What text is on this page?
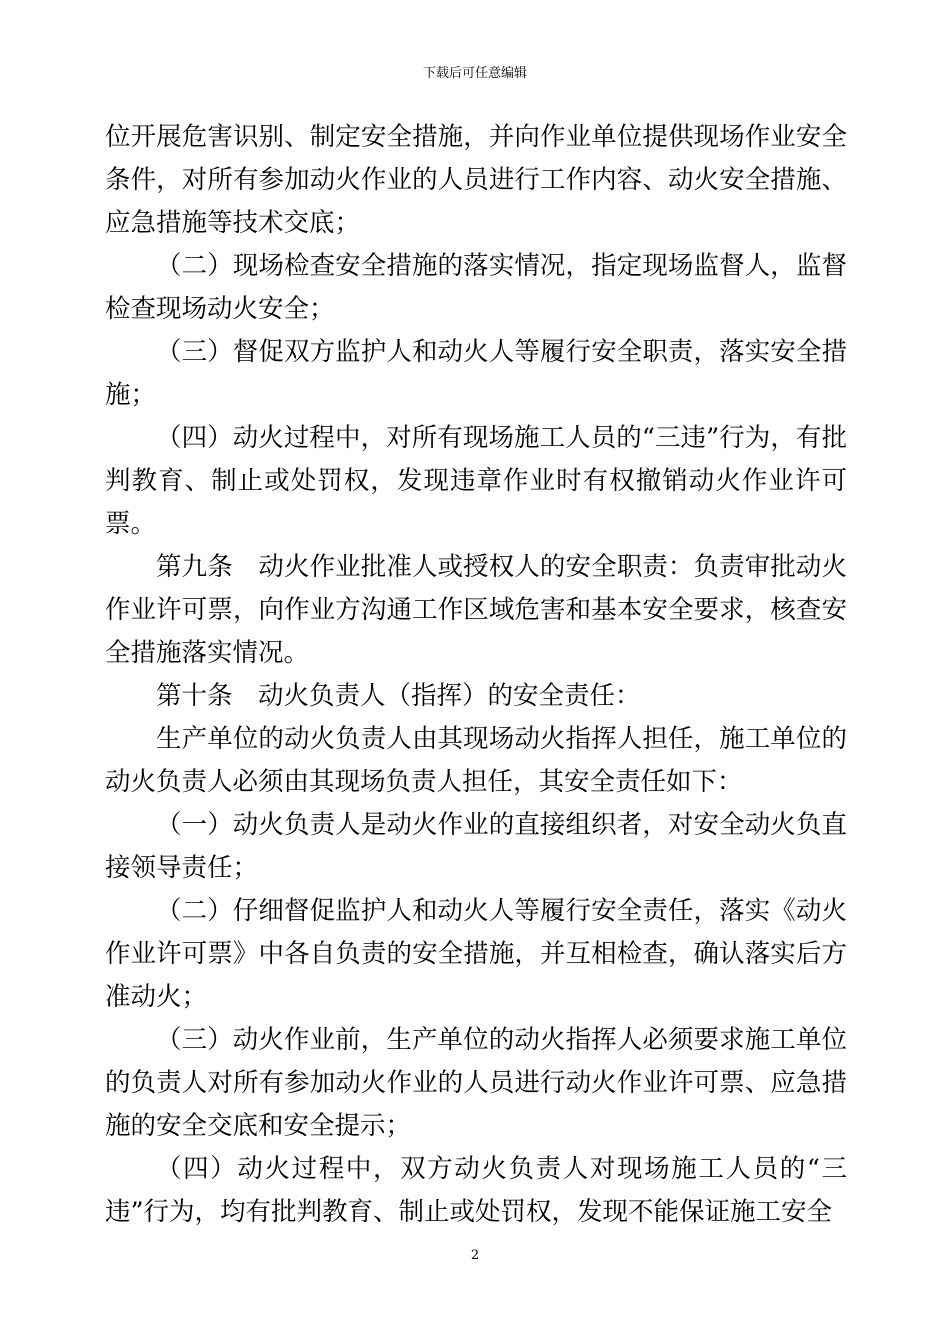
下载后可任意编辑

位开展危害识别、制定安全措施，并向作业单位提供现场作业安全条件，对所有参加动火作业的人员进行工作内容、动火安全措施、应急措施等技术交底；

（二）现场检查安全措施的落实情况，指定现场监督人，监督检查现场动火安全；

（三）督促双方监护人和动火人等履行安全职责，落实安全措施；

（四）动火过程中，对所有现场施工人员的“三违”行为，有批判教育、制止或处罚权，发现违章作业时有权撤销动火作业许可票。

第九条　动火作业批准人或授权人的安全职责：负责审批动火作业许可票，向作业方沟通工作区域危害和基本安全要求，核查安全措施落实情况。

第十条　动火负责人（指挥）的安全责任：

生产单位的动火负责人由其现场动火指挥人担任，施工单位的动火负责人必须由其现场负责人担任，其安全责任如下：

（一）动火负责人是动火作业的直接组织者，对安全动火负直接领导责任；

（二）仔细督促监护人和动火人等履行安全责任，落实《动火作业许可票》中各自负责的安全措施，并互相检查，确认落实后方准动火；

（三）动火作业前，生产单位的动火指挥人必须要求施工单位的负责人对所有参加动火作业的人员进行动火作业许可票、应急措施的安全交底和安全提示；

（四）动火过程中，双方动火负责人对现场施工人员的“三违”行为，均有批判教育、制止或处罚权，发现不能保证施工安全

2
